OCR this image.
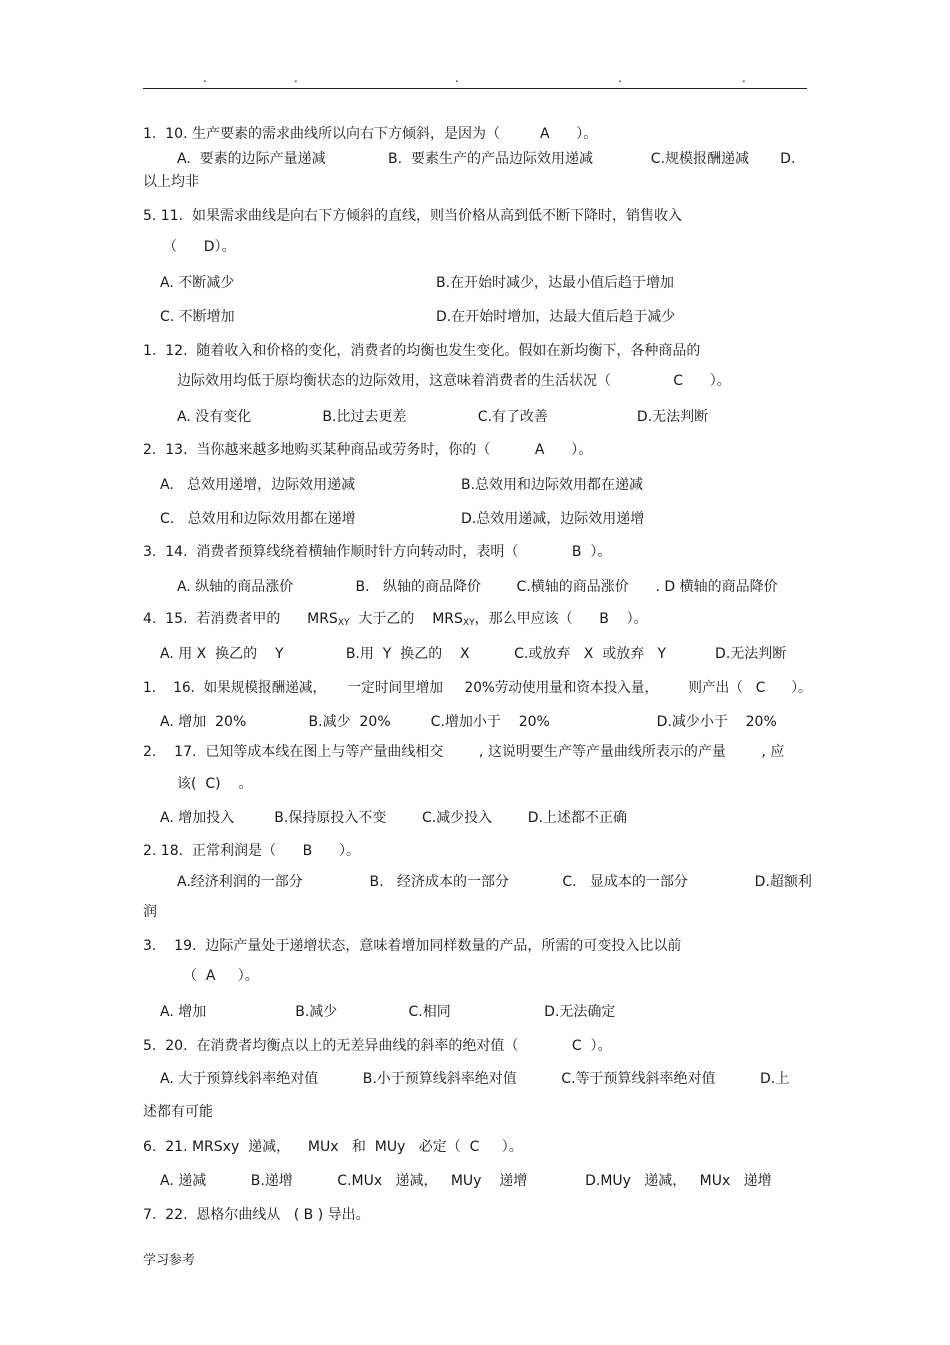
.	.	.	.	.
1.  10. 生产要素的需求曲线所以向右下方倾斜，是因为（         A      ）。
A.  要素的边际产量递减              B.  要素生产的产品边际效用递减             C.规模报酬递减       D.
以上均非
5. 11.  如果需求曲线是向右下方倾斜的直线，则当价格从高到低不断下降时，销售收入
（      D）。
A. 不断减少	B.在开始时减少，达最小值后趋于增加
C. 不断增加	D.在开始时增加，达最大值后趋于减少
1.  12.  随着收入和价格的变化，消费者的均衡也发生变化。假如在新均衡下，各种商品的
边际效用均低于原均衡状态的边际效用，这意味着消费者的生活状况（              C      ）。
A. 没有变化                B.比过去更差                C.有了改善                    D.无法判断
2.  13.  当你越来越多地购买某种商品或劳务时，你的（          A      ）。
A.   总效用递增，边际效用递减	B.总效用和边际效用都在递减
C.   总效用和边际效用都在递增	D.总效用递减，边际效用递增
3.  14.  消费者预算线绕着横轴作顺时针方向转动时，表明（            B  ）。
A. 纵轴的商品涨价              B.   纵轴的商品降价        C.横轴的商品涨价      . D 横轴的商品降价
4.  15.  若消费者甲的      $MRS_{XY}$  大于乙的    $MRS_{XY}$，那么甲应该（      B    ）。
A. 用 X  换乙的    Y              B.用  Y  换乙的    X          C.或放弃   X  或放弃   Y           D.无法判断
1.    16.  如果规模报酬递减，     一定时间里增加     20%劳动使用量和资本投入量，       则产出（   C      ）。
A. 增加  20%              B.减少  20%         C.增加小于    20%                        D.减少小于    20%
2.    17.  已知等成本线在图上与等产量曲线相交        , 这说明要生产等产量曲线所表示的产量        , 应
该(  C)    。
A. 增加投入         B.保持原投入不变        C.减少投入        D.上述都不正确
2. 18.  正常利润是（      B      ）。
A.经济利润的一部分               B.   经济成本的一部分            C.   显成本的一部分               D.超额利
润
3.    19.  边际产量处于递增状态，意味着增加同样数量的产品，所需的可变投入比以前
（  A     ）。
A. 增加                    B.减少                C.相同                     D.无法确定
5.  20.  在消费者均衡点以上的无差异曲线的斜率的绝对值（            C  ）。
A. 大于预算线斜率绝对值          B.小于预算线斜率绝对值          C.等于预算线斜率绝对值          D.上
述都有可能
6.  21. MRSxy  递减，    MUx   和  MUy   必定（  C     ）。
A. 递减          B.递增          C.MUx   递减，   MUy    递增             D.MUy   递减，   MUx   递增
7.  22.  恩格尔曲线从   ( B ) 导出。
学习参考
